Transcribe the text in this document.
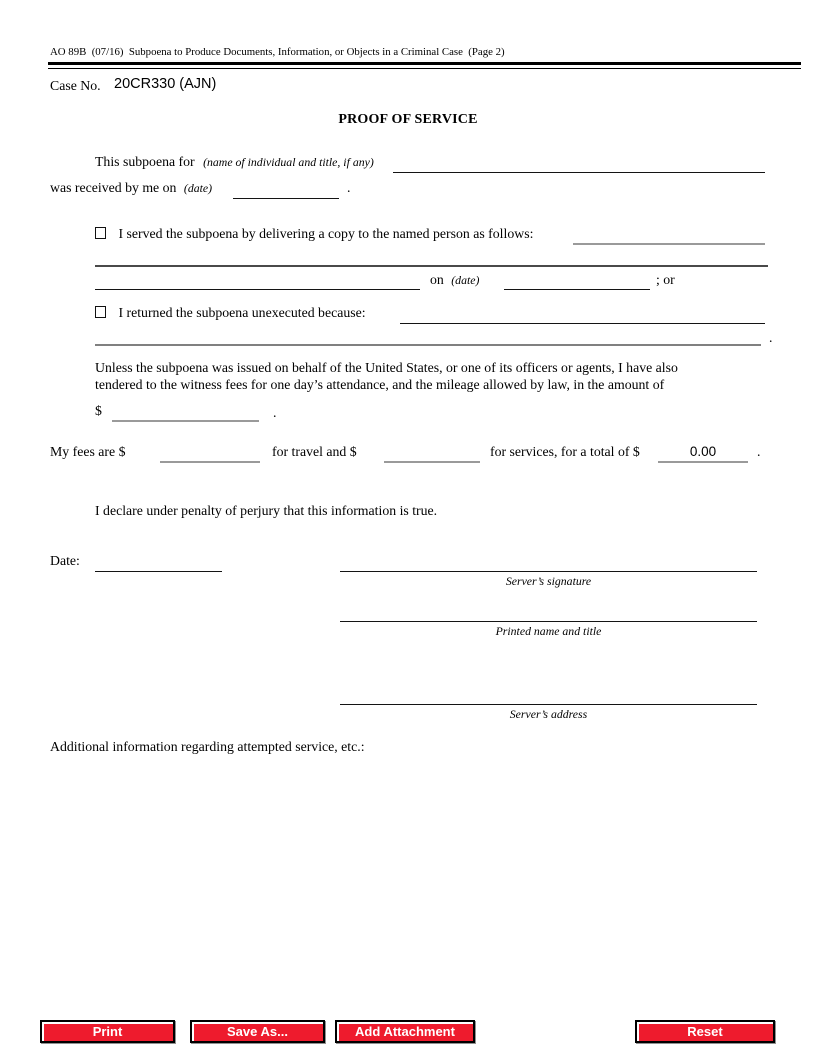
AO 89B  (07/16)  Subpoena to Produce Documents, Information, or Objects in a Criminal Case  (Page 2)
Case No. 20CR330 (AJN)
PROOF OF SERVICE
This subpoena for (name of individual and title, if any)
was received by me on (date)	.
I served the subpoena by delivering a copy to the named person as follows:
on (date)	; or
I returned the subpoena unexecuted because:
.
Unless the subpoena was issued on behalf of the United States, or one of its officers or agents, I have also
tendered to the witness fees for one day’s attendance, and the mileage allowed by law, in the amount of
$	.
My fees are $	for travel and $	for services, for a total of $	0.00	.
I declare under penalty of perjury that this information is true.
Date:
Server’s signature
Printed name and title
Server’s address
Additional information regarding attempted service, etc.:
Print	Save As...	Add Attachment	Reset
